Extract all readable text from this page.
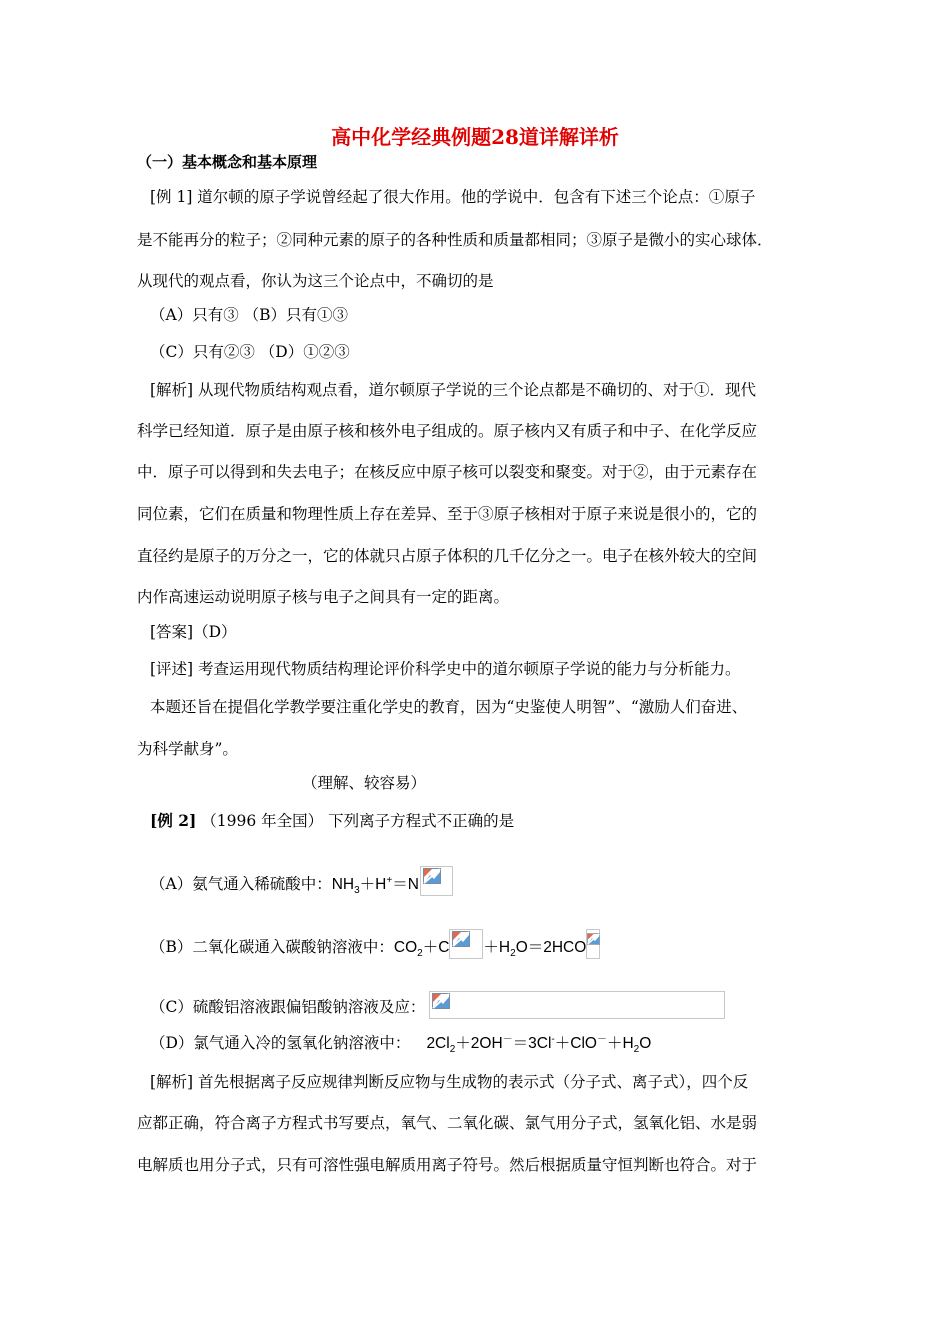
高中化学经典例题28道详解详析
（一）基本概念和基本原理
[例 1] 道尔顿的原子学说曾经起了很大作用。他的学说中．包含有下述三个论点：①原子
是不能再分的粒子；②同种元素的原子的各种性质和质量都相同；③原子是微小的实心球体．
从现代的观点看，你认为这三个论点中，不确切的是
（A）只有③ （B）只有①③
（C）只有②③ （D）①②③
[解析] 从现代物质结构观点看，道尔顿原子学说的三个论点都是不确切的、对于①．现代
科学已经知道．原子是由原子核和核外电子组成的。原子核内又有质子和中子、在化学反应
中．原子可以得到和失去电子；在核反应中原子核可以裂变和聚变。对于②，由于元素存在
同位素，它们在质量和物理性质上存在差异、至于③原子核相对于原子来说是很小的，它的
直径约是原子的万分之一，它的体就只占原子体积的几千亿分之一。电子在核外较大的空间
内作高速运动说明原子核与电子之间具有一定的距离。
[答案]（D）
[评述] 考查运用现代物质结构理论评价科学史中的道尔顿原子学说的能力与分析能力。
本题还旨在提倡化学教学要注重化学史的教育，因为“史鉴使人明智”、“激励人们奋进、
为科学献身”。
（理解、较容易）
[例 2] （1996 年全国） 下列离子方程式不正确的是
（A）氨气通入稀硫酸中：$NH_3+H^+=N$
（B）二氧化碳通入碳酸钠溶液中：$CO_2+C +H_2O=2HCO$
（C）硫酸铝溶液跟偏铝酸钠溶液及应：
（D）氯气通入冷的氢氧化钠溶液中： $2Cl_2+2OH^-=3Cl^-+ClO^-+H_2O$
[解析] 首先根据离子反应规律判断反应物与生成物的表示式（分子式、离子式），四个反
应都正确，符合离子方程式书写要点，氧气、二氧化碳、氯气用分子式，氢氧化铝、水是弱
电解质也用分子式，只有可溶性强电解质用离子符号。然后根据质量守恒判断也符合。对于
